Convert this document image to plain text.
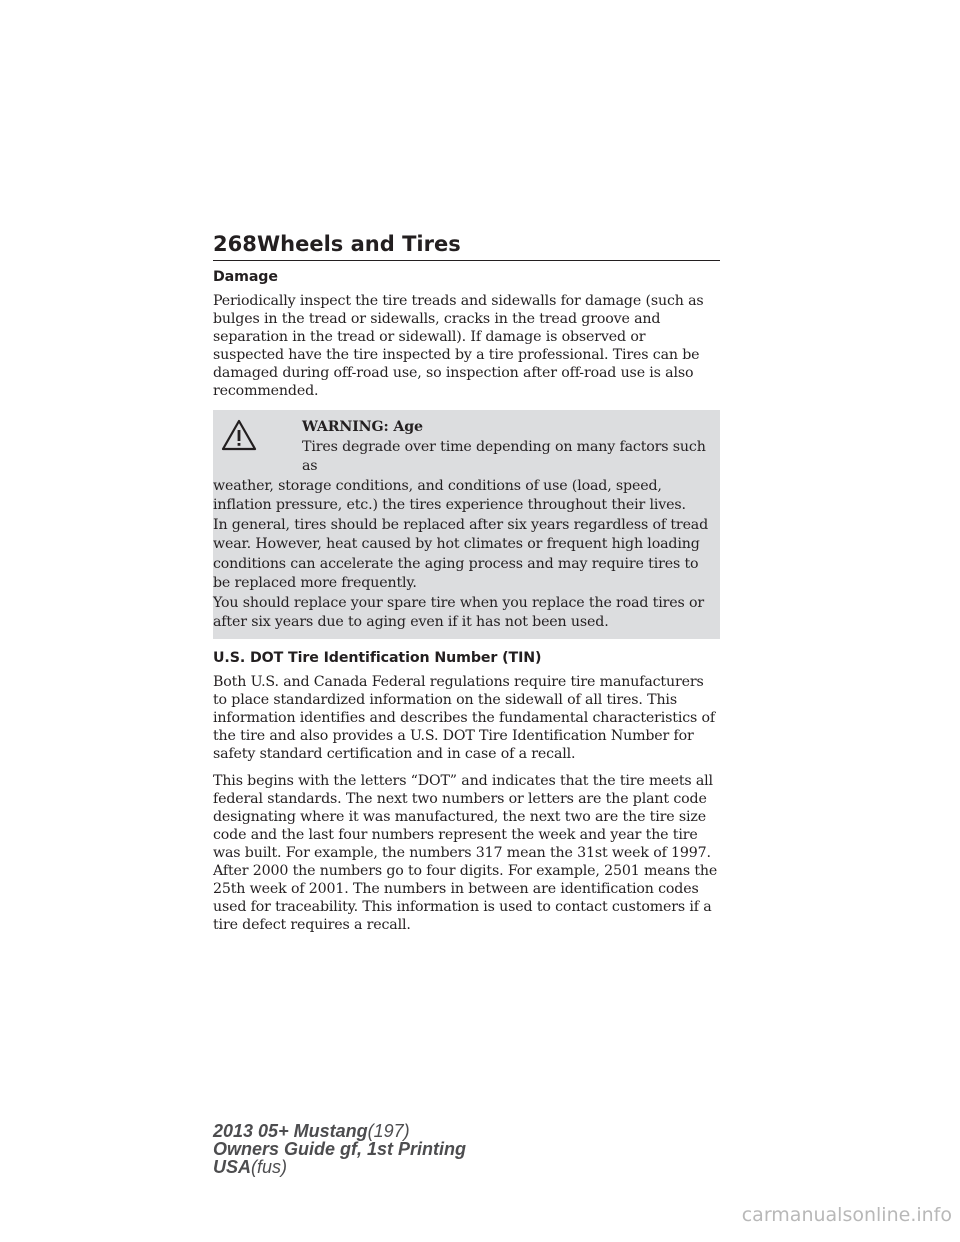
268 Wheels and Tires
Damage

Periodically inspect the tire treads and sidewalls for damage (such as bulges in the tread or sidewalls, cracks in the tread groove and separation in the tread or sidewall). If damage is observed or suspected have the tire inspected by a tire professional. Tires can be damaged during off-road use, so inspection after off-road use is also recommended.

WARNING: Age

Tires degrade over time depending on many factors such as

weather, storage conditions, and conditions of use (load, speed, inflation pressure, etc.) the tires experience throughout their lives.

In general, tires should be replaced after six years regardless of tread wear. However, heat caused by hot climates or frequent high loading conditions can accelerate the aging process and may require tires to be replaced more frequently.

You should replace your spare tire when you replace the road tires or after six years due to aging even if it has not been used.

U.S. DOT Tire Identification Number (TIN)

Both U.S. and Canada Federal regulations require tire manufacturers to place standardized information on the sidewall of all tires. This information identifies and describes the fundamental characteristics of the tire and also provides a U.S. DOT Tire Identification Number for safety standard certification and in case of a recall.

This begins with the letters “DOT” and indicates that the tire meets all federal standards. The next two numbers or letters are the plant code designating where it was manufactured, the next two are the tire size code and the last four numbers represent the week and year the tire was built. For example, the numbers 317 mean the 31st week of 1997. After 2000 the numbers go to four digits. For example, 2501 means the 25th week of 2001. The numbers in between are identification codes used for traceability. This information is used to contact customers if a tire defect requires a recall.

2013 05+ Mustang(197)
Owners Guide gf, 1st Printing
USA(fus)
carmanualsonline.info
